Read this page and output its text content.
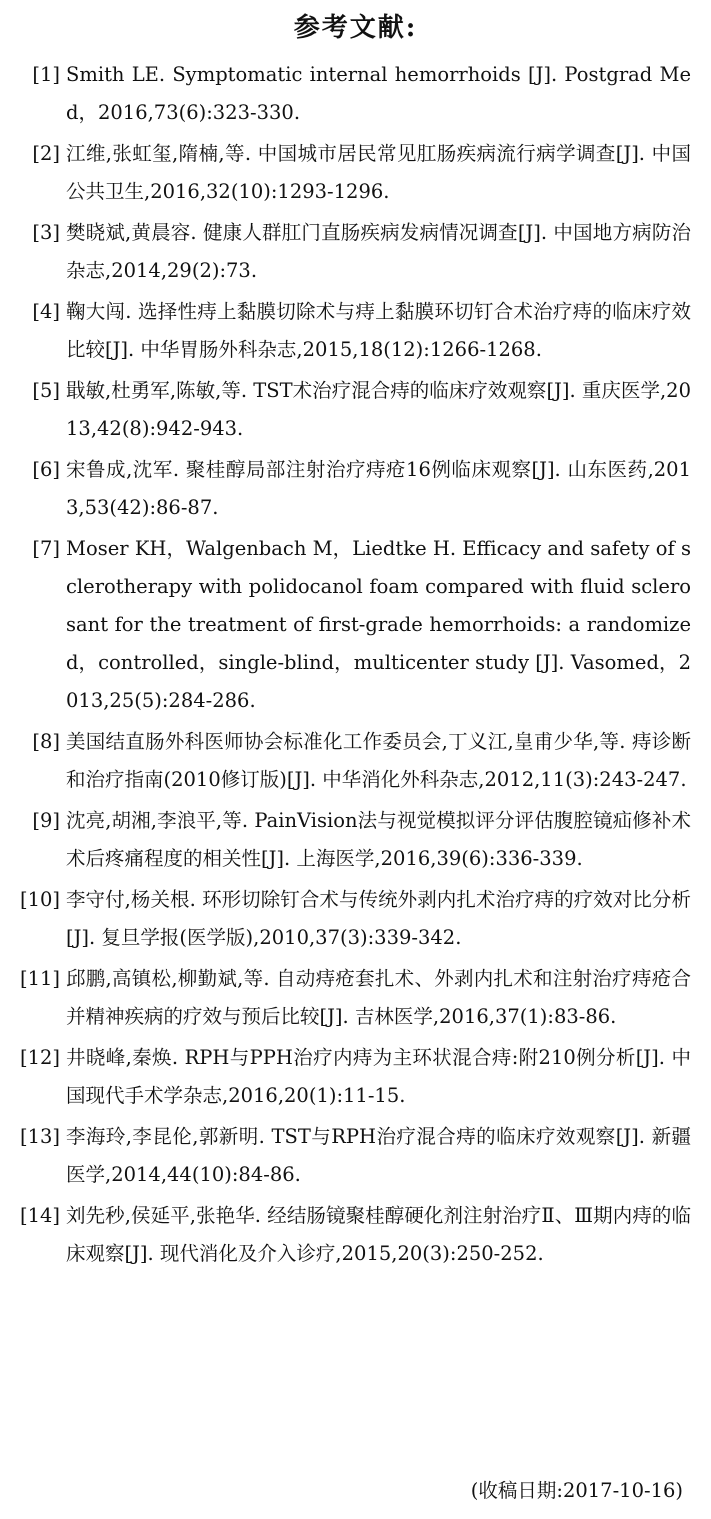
参考文献:
[1] Smith LE. Symptomatic internal hemorrhoids [J]. Postgrad Med，2016,73(6):323-330.
[2] 江维,张虹玺,隋楠,等. 中国城市居民常见肛肠疾病流行病学调查[J]. 中国公共卫生,2016,32(10):1293-1296.
[3] 樊晓斌,黄晨容. 健康人群肛门直肠疾病发病情况调查[J]. 中国地方病防治杂志,2014,29(2):73.
[4] 鞠大闯. 选择性痔上黏膜切除术与痔上黏膜环切钉合术治疗痔的临床疗效比较[J]. 中华胃肠外科杂志,2015,18(12):1266-1268.
[5] 戢敏,杜勇军,陈敏,等. TST术治疗混合痔的临床疗效观察[J]. 重庆医学,2013,42(8):942-943.
[6] 宋鲁成,沈军. 聚桂醇局部注射治疗痔疮16例临床观察[J]. 山东医药,2013,53(42):86-87.
[7] Moser KH，Walgenbach M，Liedtke H. Efficacy and safety of sclerotherapy with polidocanol foam compared with fluid sclerosant for the treatment of first-grade hemorrhoids: a randomized，controlled，single-blind，multicenter study [J]. Vasomed，2013,25(5):284-286.
[8] 美国结直肠外科医师协会标准化工作委员会,丁义江,皇甫少华,等. 痔诊断和治疗指南(2010修订版)[J]. 中华消化外科杂志,2012,11(3):243-247.
[9] 沈亮,胡湘,李浪平,等. PainVision法与视觉模拟评分评估腹腔镜疝修补术术后疼痛程度的相关性[J]. 上海医学,2016,39(6):336-339.
[10] 李守付,杨关根. 环形切除钉合术与传统外剥内扎术治疗痔的疗效对比分析[J]. 复旦学报(医学版),2010,37(3):339-342.
[11] 邱鹏,高镇松,柳勤斌,等. 自动痔疮套扎术、外剥内扎术和注射治疗痔疮合并精神疾病的疗效与预后比较[J]. 吉林医学,2016,37(1):83-86.
[12] 井晓峰,秦焕. RPH与PPH治疗内痔为主环状混合痔:附210例分析[J]. 中国现代手术学杂志,2016,20(1):11-15.
[13] 李海玲,李昆伦,郭新明. TST与RPH治疗混合痔的临床疗效观察[J]. 新疆医学,2014,44(10):84-86.
[14] 刘先秒,侯延平,张艳华. 经结肠镜聚桂醇硬化剂注射治疗Ⅱ、Ⅲ期内痔的临床观察[J]. 现代消化及介入诊疗,2015,20(3):250-252.
(收稿日期:2017-10-16)
